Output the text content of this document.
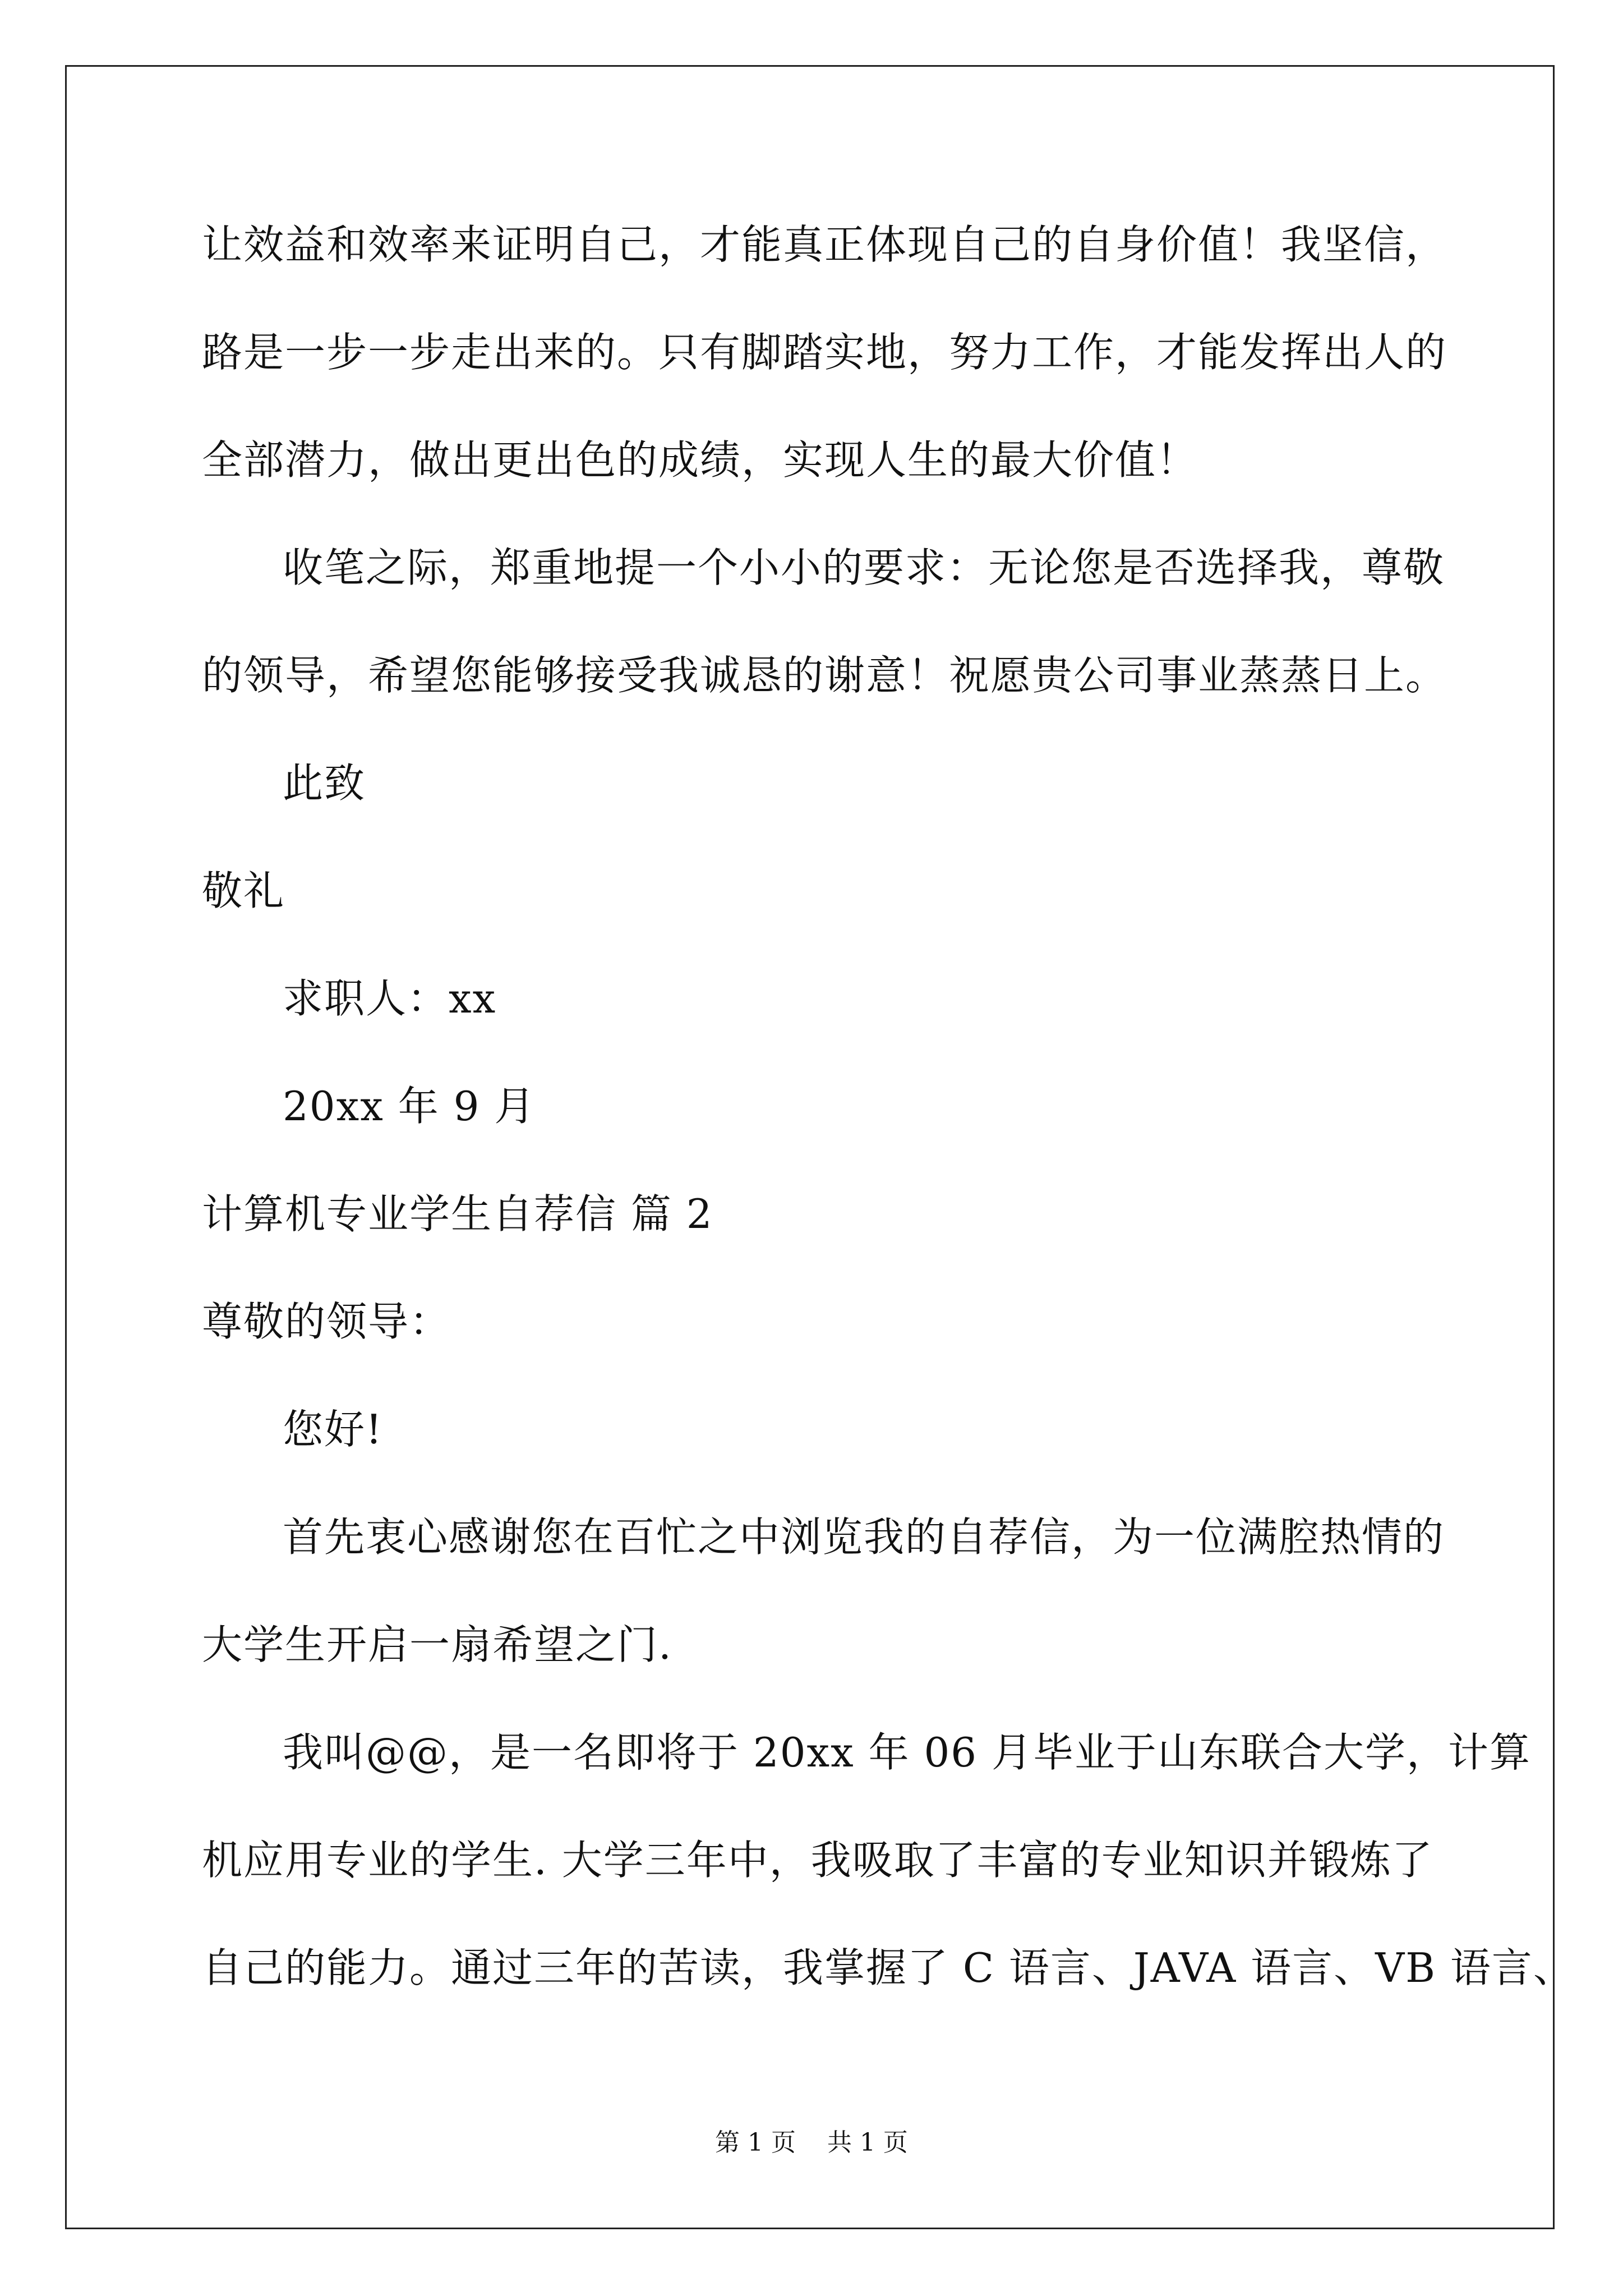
让效益和效率来证明自己，才能真正体现自己的自身价值！我坚信，
路是一步一步走出来的。只有脚踏实地，努力工作，才能发挥出人的
全部潜力，做出更出色的成绩，实现人生的最大价值！
收笔之际，郑重地提一个小小的要求：无论您是否选择我，尊敬
的领导，希望您能够接受我诚恳的谢意！祝愿贵公司事业蒸蒸日上。
此致
敬礼
求职人：xx
20xx 年 9 月
计算机专业学生自荐信 篇 2
尊敬的领导：
您好!
首先衷心感谢您在百忙之中浏览我的自荐信，为一位满腔热情的
大学生开启一扇希望之门.
我叫@@，是一名即将于 20xx 年 06 月毕业于山东联合大学，计算
机应用专业的学生. 大学三年中，我吸取了丰富的专业知识并锻炼了
自己的能力。通过三年的苦读，我掌握了 C 语言、JAVA 语言、VB 语言、
第 1 页    共 1 页
